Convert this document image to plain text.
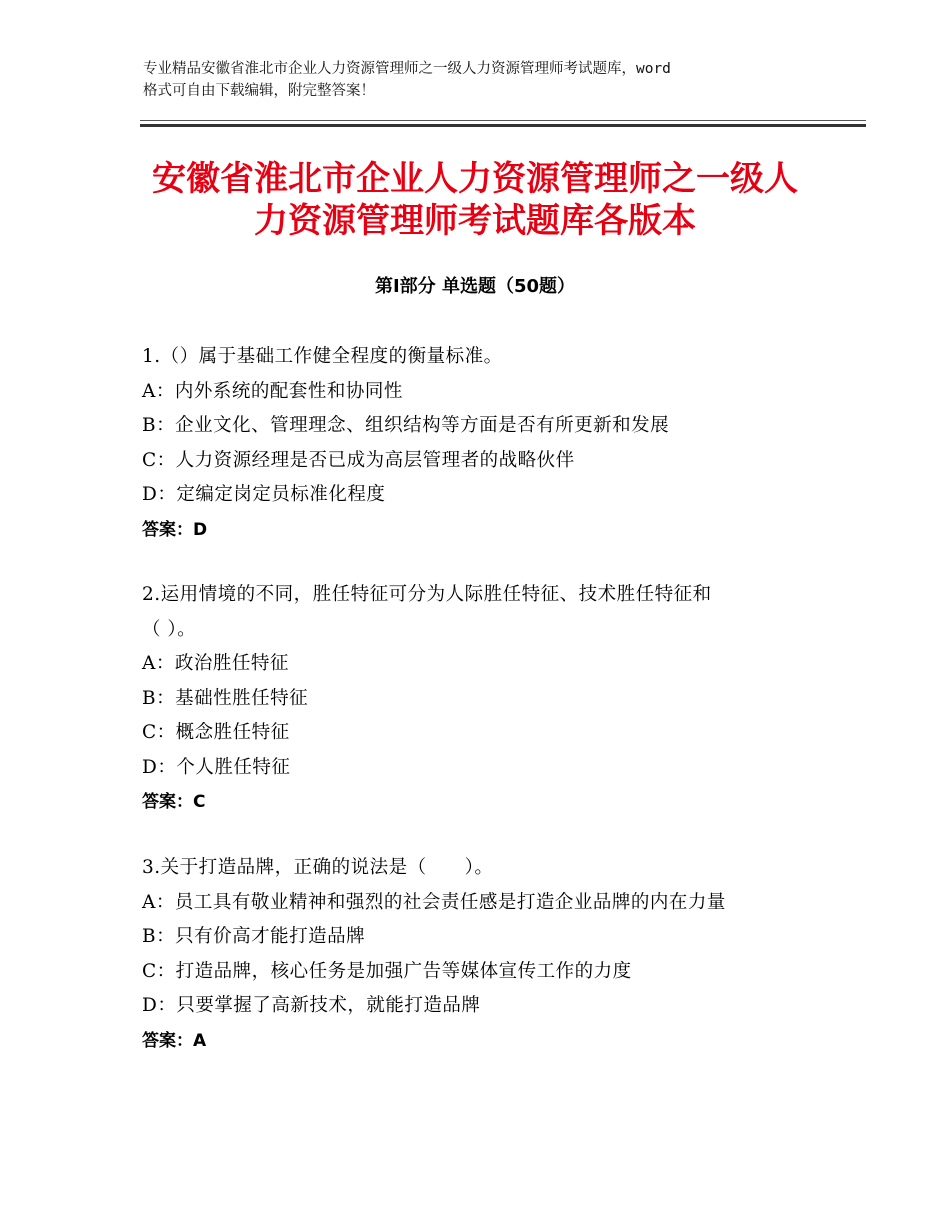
专业精品安徽省淮北市企业人力资源管理师之一级人力资源管理师考试题库，word
格式可自由下载编辑，附完整答案！
安徽省淮北市企业人力资源管理师之一级人
力资源管理师考试题库各版本
第Ⅰ部分 单选题（50题）
1.（）属于基础工作健全程度的衡量标准。
A：内外系统的配套性和协同性
B：企业文化、管理理念、组织结构等方面是否有所更新和发展
C：人力资源经理是否已成为高层管理者的战略伙伴
D：定编定岗定员标准化程度
答案：D
2.运用情境的不同，胜任特征可分为人际胜任特征、技术胜任特征和
（ ）。
A：政治胜任特征
B：基础性胜任特征
C：概念胜任特征
D：个人胜任特征
答案：C
3.关于打造品牌，正确的说法是（　　）。
A：员工具有敬业精神和强烈的社会责任感是打造企业品牌的内在力量
B：只有价高才能打造品牌
C：打造品牌，核心任务是加强广告等媒体宣传工作的力度
D：只要掌握了高新技术，就能打造品牌
答案：A
